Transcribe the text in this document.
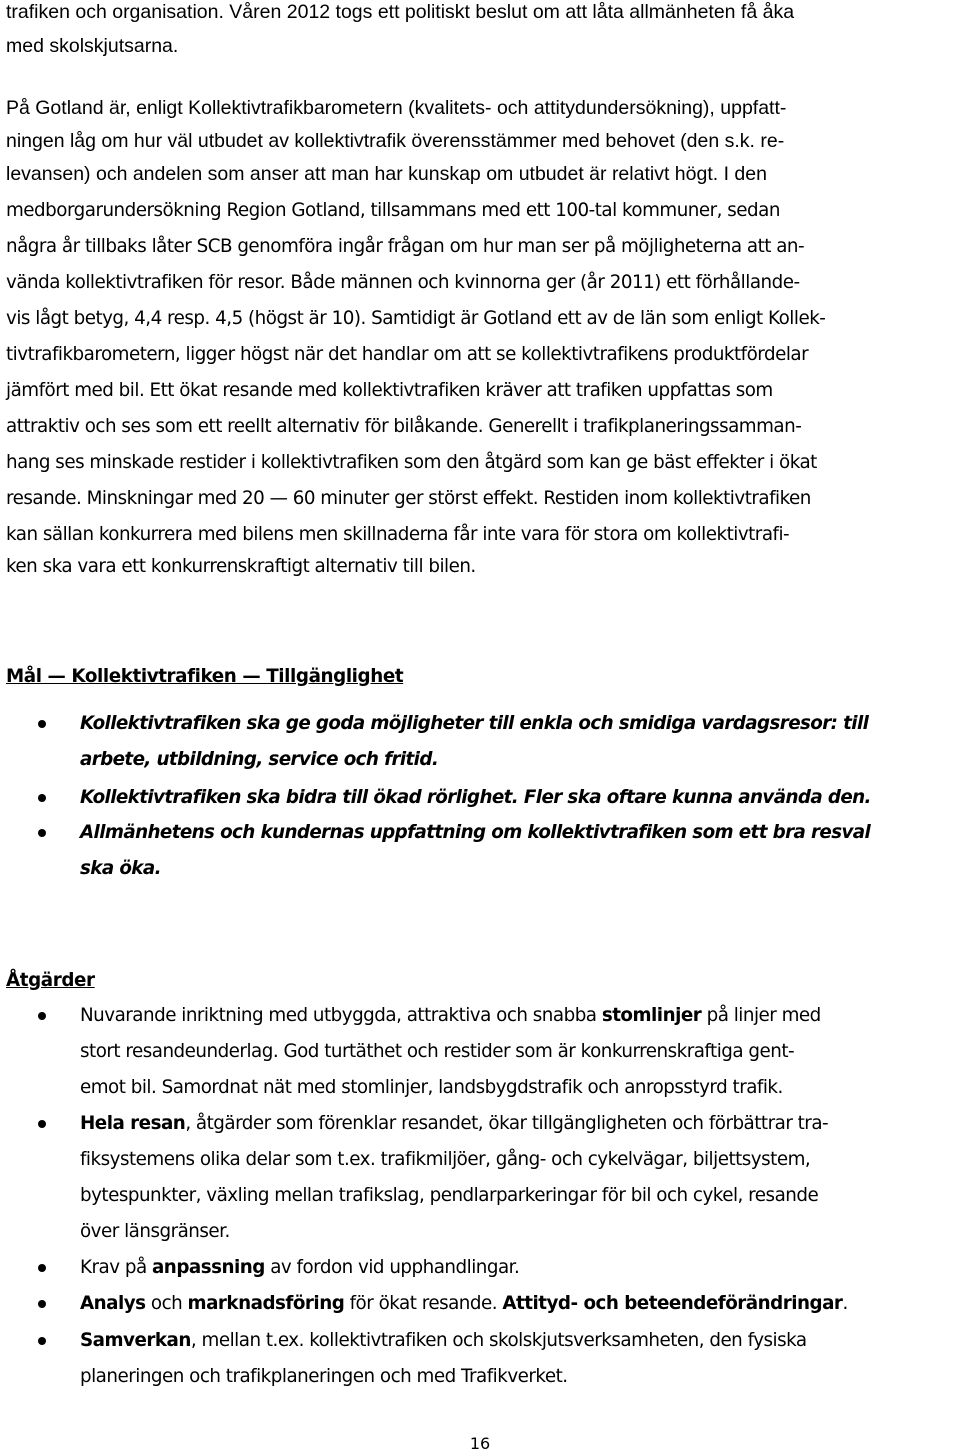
trafiken och organisation. Våren 2012 togs ett politiskt beslut om att låta allmänheten få åka
med skolskjutsarna.
På Gotland är, enligt Kollektivtrafikbarometern (kvalitets- och attitydundersökning), uppfatt-
ningen låg om hur väl utbudet av kollektivtrafik överensstämmer med behovet (den s.k. re-
levansen) och andelen som anser att man har kunskap om utbudet är relativt högt. I den
medborgarundersökning Region Gotland, tillsammans med ett 100-tal kommuner, sedan
några år tillbaks låter SCB genomföra ingår frågan om hur man ser på möjligheterna att an-
vända kollektivtrafiken för resor. Både männen och kvinnorna ger (år 2011) ett förhållande-
vis lågt betyg, 4,4 resp. 4,5 (högst är 10). Samtidigt är Gotland ett av de län som enligt Kollek-
tivtrafikbarometern, ligger högst när det handlar om att se kollektivtrafikens produktfördelar
jämfört med bil. Ett ökat resande med kollektivtrafiken kräver att trafiken uppfattas som
attraktiv och ses som ett reellt alternativ för bilåkande. Generellt i trafikplaneringssamman-
hang ses minskade restider i kollektivtrafiken som den åtgärd som kan ge bäst effekter i ökat
resande. Minskningar med 20 — 60 minuter ger störst effekt. Restiden inom kollektivtrafiken
kan sällan konkurrera med bilens men skillnaderna får inte vara för stora om kollektivtrafi-
ken ska vara ett konkurrenskraftigt alternativ till bilen.
Mål — Kollektivtrafiken — Tillgänglighet
Kollektivtrafiken ska ge goda möjligheter till enkla och smidiga vardagsresor: till
arbete, utbildning, service och fritid.
Kollektivtrafiken ska bidra till ökad rörlighet. Fler ska oftare kunna använda den.
Allmänhetens och kundernas uppfattning om kollektivtrafiken som ett bra resval
ska öka.
Åtgärder
Nuvarande inriktning med utbyggda, attraktiva och snabba stomlinjer på linjer med
stort resandeunderlag. God turtäthet och restider som är konkurrenskraftiga gent-
emot bil. Samordnat nät med stomlinjer, landsbygdstrafik och anropsstyrd trafik.
Hela resan, åtgärder som förenklar resandet, ökar tillgängligheten och förbättrar tra-
fiksystemens olika delar som t.ex. trafikmiljöer, gång- och cykelvägar, biljettsystem,
bytespunkter, växling mellan trafikslag, pendlarparkeringar för bil och cykel, resande
över länsgränser.
Krav på anpassning av fordon vid upphandlingar.
Analys och marknadsföring för ökat resande. Attityd- och beteendeförändringar.
Samverkan, mellan t.ex. kollektivtrafiken och skolskjutsverksamheten, den fysiska
planeringen och trafikplaneringen och med Trafikverket.
16
